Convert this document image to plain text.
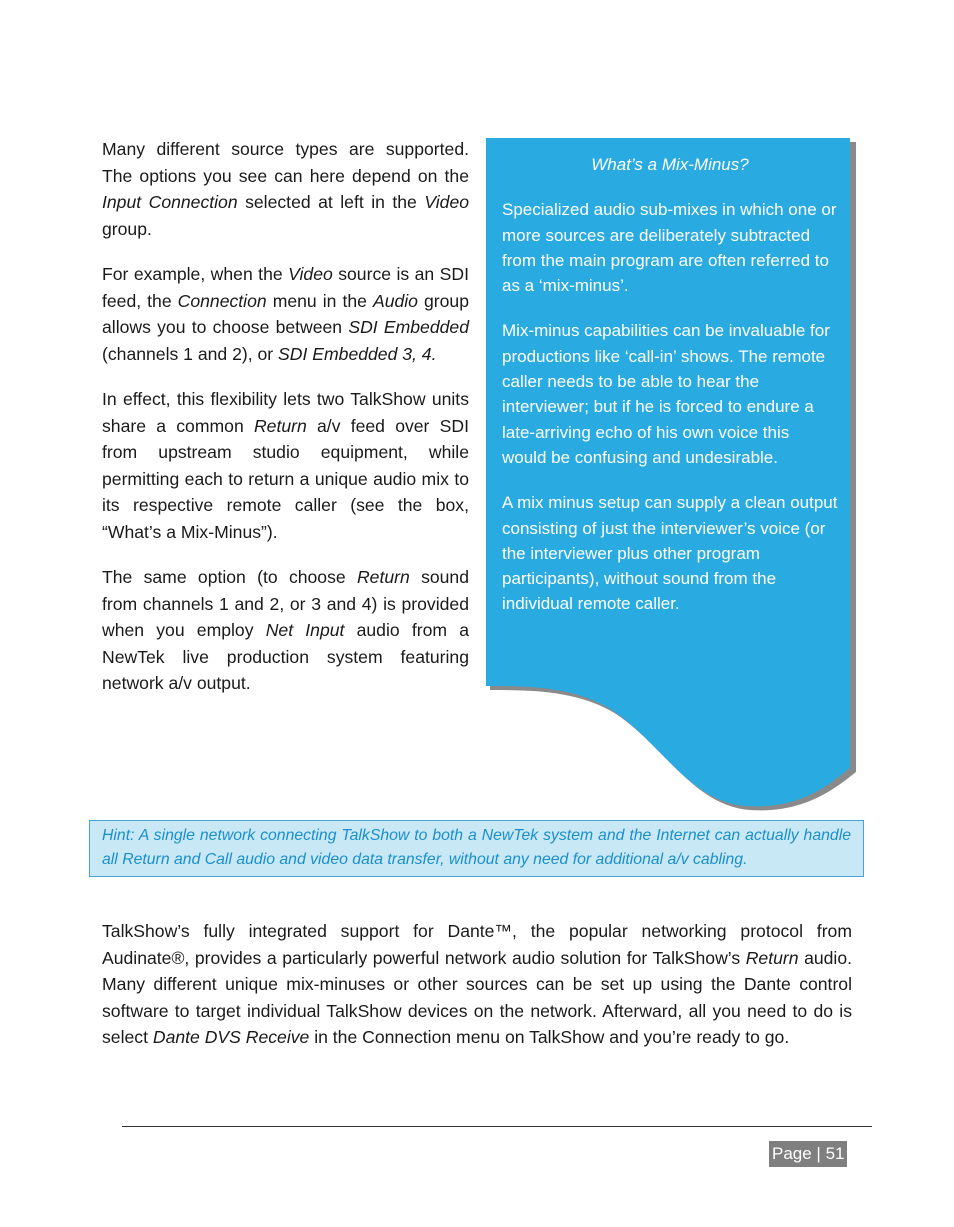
Many different source types are supported. The options you see can here depend on the Input Connection selected at left in the Video group.

For example, when the Video source is an SDI feed, the Connection menu in the Audio group allows you to choose between SDI Embedded (channels 1 and 2), or SDI Embedded 3, 4.

In effect, this flexibility lets two TalkShow units share a common Return a/v feed over SDI from upstream studio equipment, while permitting each to return a unique audio mix to its respective remote caller (see the box, “What’s a Mix-Minus”).

The same option (to choose Return sound from channels 1 and 2, or 3 and 4) is provided when you employ Net Input audio from a NewTek live production system featuring network a/v output.

What’s a Mix-Minus?

Specialized audio sub-mixes in which one or more sources are deliberately subtracted from the main program are often referred to as a ‘mix-minus’.

Mix-minus capabilities can be invaluable for productions like ‘call-in’ shows. The remote caller needs to be able to hear the interviewer; but if he is forced to endure a late-arriving echo of his own voice this would be confusing and undesirable.

A mix minus setup can supply a clean output consisting of just the interviewer’s voice (or the interviewer plus other program participants), without sound from the individual remote caller.

Hint: A single network connecting TalkShow to both a NewTek system and the Internet can actually handle all Return and Call audio and video data transfer, without any need for additional a/v cabling.

TalkShow’s fully integrated support for Dante™, the popular networking protocol from Audinate®, provides a particularly powerful network audio solution for TalkShow’s Return audio. Many different unique mix-minuses or other sources can be set up using the Dante control software to target individual TalkShow devices on the network. Afterward, all you need to do is select Dante DVS Receive in the Connection menu on TalkShow and you’re ready to go.

Page | 51
